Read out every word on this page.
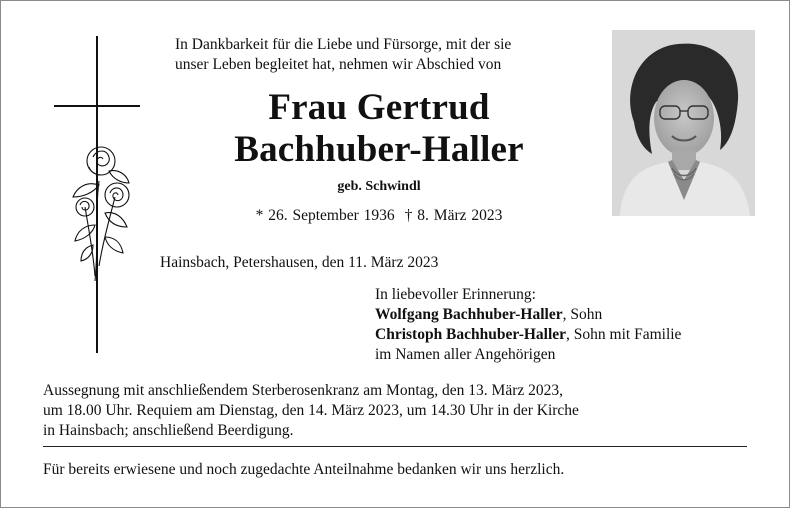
In Dankbarkeit für die Liebe und Fürsorge, mit der sie
unser Leben begleitet hat, nehmen wir Abschied von
Frau Gertrud
Bachhuber-Haller
geb. Schwindl
* 26. September 1936 † 8. März 2023
Hainsbach, Petershausen, den 11. März 2023
In liebevoller Erinnerung:
Wolfgang Bachhuber-Haller, Sohn
Christoph Bachhuber-Haller, Sohn mit Familie
im Namen aller Angehörigen
Aussegnung mit anschließendem Sterberosenkranz am Montag, den 13. März 2023,
um 18.00 Uhr. Requiem am Dienstag, den 14. März 2023, um 14.30 Uhr in der Kirche
in Hainsbach; anschließend Beerdigung.
Für bereits erwiesene und noch zugedachte Anteilnahme bedanken wir uns herzlich.
